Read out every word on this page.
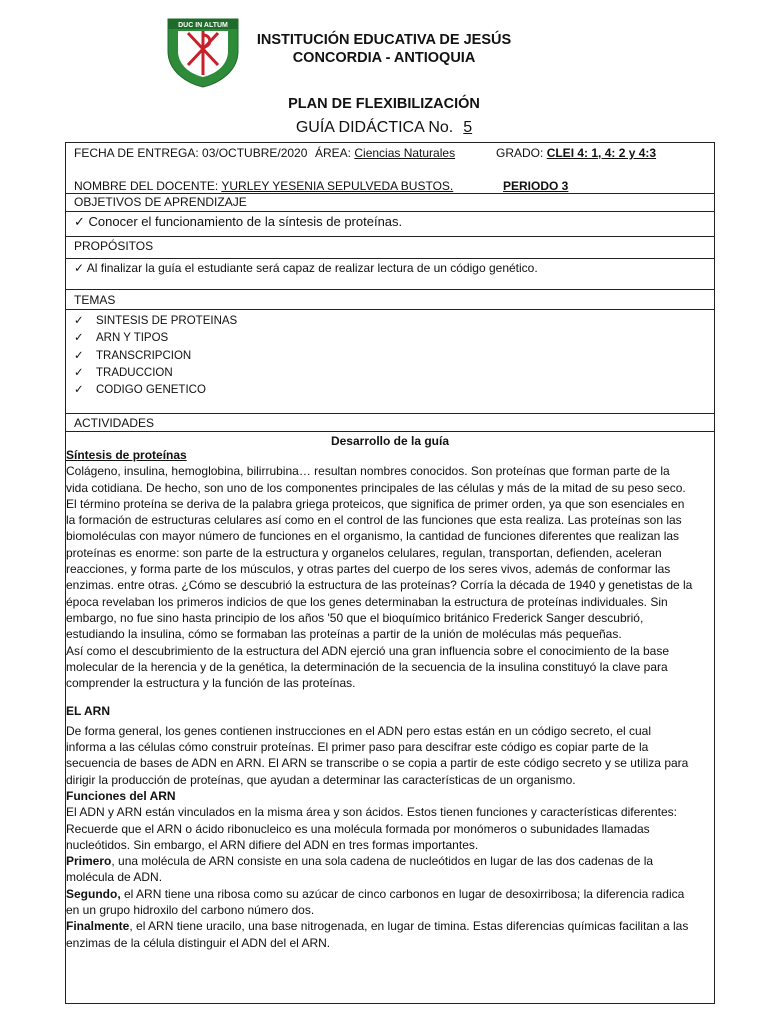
DUC IN ALTUM
INSTITUCIÓN EDUCATIVA DE JESÚS
CONCORDIA - ANTIOQUIA
PLAN DE FLEXIBILIZACIÓN
GUÍA DIDÁCTICA No. 5
FECHA DE ENTREGA: 03/OCTUBRE/2020 ÁREA: Ciencias Naturales	GRADO: CLEI 4: 1, 4: 2 y 4:3
NOMBRE DEL DOCENTE: YURLEY YESENIA SEPULVEDA BUSTOS.	PERIODO 3
OBJETIVOS DE APRENDIZAJE
✓ Conocer el funcionamiento de la síntesis de proteínas.
PROPÓSITOS
✓ Al finalizar la guía el estudiante será capaz de realizar lectura de un código genético.
TEMAS
✓ SINTESIS DE PROTEINAS
✓ ARN Y TIPOS
✓ TRANSCRIPCION
✓ TRADUCCION
✓ CODIGO GENETICO
ACTIVIDADES
Desarrollo de la guía

Síntesis de proteínas

Colágeno, insulina, hemoglobina, bilirrubina… resultan nombres conocidos. Son proteínas que forman parte de la

vida cotidiana. De hecho, son uno de los componentes principales de las células y más de la mitad de su peso seco.

El término proteína se deriva de la palabra griega proteicos, que significa de primer orden, ya que son esenciales en

la formación de estructuras celulares así como en el control de las funciones que esta realiza. Las proteínas son las

biomoléculas con mayor número de funciones en el organismo, la cantidad de funciones diferentes que realizan las

proteínas es enorme: son parte de la estructura y organelos celulares, regulan, transportan, defienden, aceleran

reacciones, y forma parte de los músculos, y otras partes del cuerpo de los seres vivos, además de conformar las

enzimas. entre otras. ¿Cómo se descubrió la estructura de las proteínas? Corría la década de 1940 y genetistas de la

época revelaban los primeros indicios de que los genes determinaban la estructura de proteínas individuales. Sin

embargo, no fue sino hasta principio de los años '50 que el bioquímico británico Frederick Sanger descubrió,

estudiando la insulina, cómo se formaban las proteínas a partir de la unión de moléculas más pequeñas.

Así como el descubrimiento de la estructura del ADN ejerció una gran influencia sobre el conocimiento de la base

molecular de la herencia y de la genética, la determinación de la secuencia de la insulina constituyó la clave para

comprender la estructura y la función de las proteínas.

EL ARN

De forma general, los genes contienen instrucciones en el ADN pero estas están en un código secreto, el cual

informa a las células cómo construir proteínas. El primer paso para descifrar este código es copiar parte de la

secuencia de bases de ADN en ARN. El ARN se transcribe o se copia a partir de este código secreto y se utiliza para

dirigir la producción de proteínas, que ayudan a determinar las características de un organismo.

Funciones del ARN

El ADN y ARN están vinculados en la misma área y son ácidos. Estos tienen funciones y características diferentes:

Recuerde que el ARN o ácido ribonucleico es una molécula formada por monómeros o subunidades llamadas

nucleótidos. Sin embargo, el ARN difiere del ADN en tres formas importantes.

Primero, una molécula de ARN consiste en una sola cadena de nucleótidos en lugar de las dos cadenas de la

molécula de ADN.

Segundo, el ARN tiene una ribosa como su azúcar de cinco carbonos en lugar de desoxirribosa; la diferencia radica

en un grupo hidroxilo del carbono número dos.

Finalmente, el ARN tiene uracilo, una base nitrogenada, en lugar de timina. Estas diferencias químicas facilitan a las

enzimas de la célula distinguir el ADN del el ARN.
